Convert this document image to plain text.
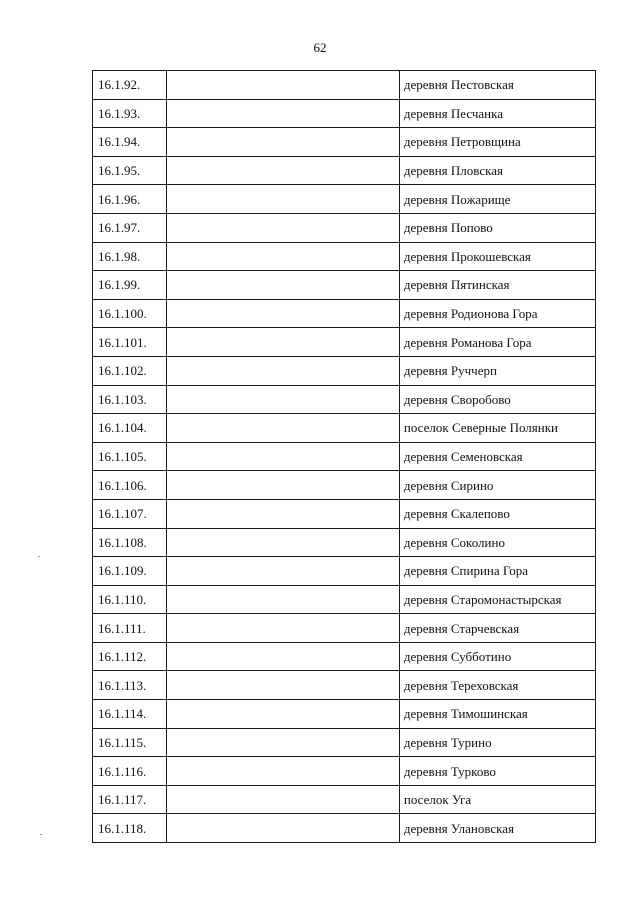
62
16.1.92.		деревня Пестовская
16.1.93.		деревня Песчанка
16.1.94.		деревня Петровщина
16.1.95.		деревня Пловская
16.1.96.		деревня Пожарище
16.1.97.		деревня Попово
16.1.98.		деревня Прокошевская
16.1.99.		деревня Пятинская
16.1.100.		деревня Родионова Гора
16.1.101.		деревня Романова Гора
16.1.102.		деревня Руччерп
16.1.103.		деревня Своробово
16.1.104.		поселок Северные Полянки
16.1.105.		деревня Семеновская
16.1.106.		деревня Сирино
16.1.107.		деревня Скалепово
16.1.108.		деревня Соколино
16.1.109.		деревня Спирина Гора
16.1.110.		деревня Старомонастырская
16.1.111.		деревня Старчевская
16.1.112.		деревня Субботино
16.1.113.		деревня Тереховская
16.1.114.		деревня Тимошинская
16.1.115.		деревня Турино
16.1.116.		деревня Турково
16.1.117.		поселок Уга
16.1.118.		деревня Улановская
